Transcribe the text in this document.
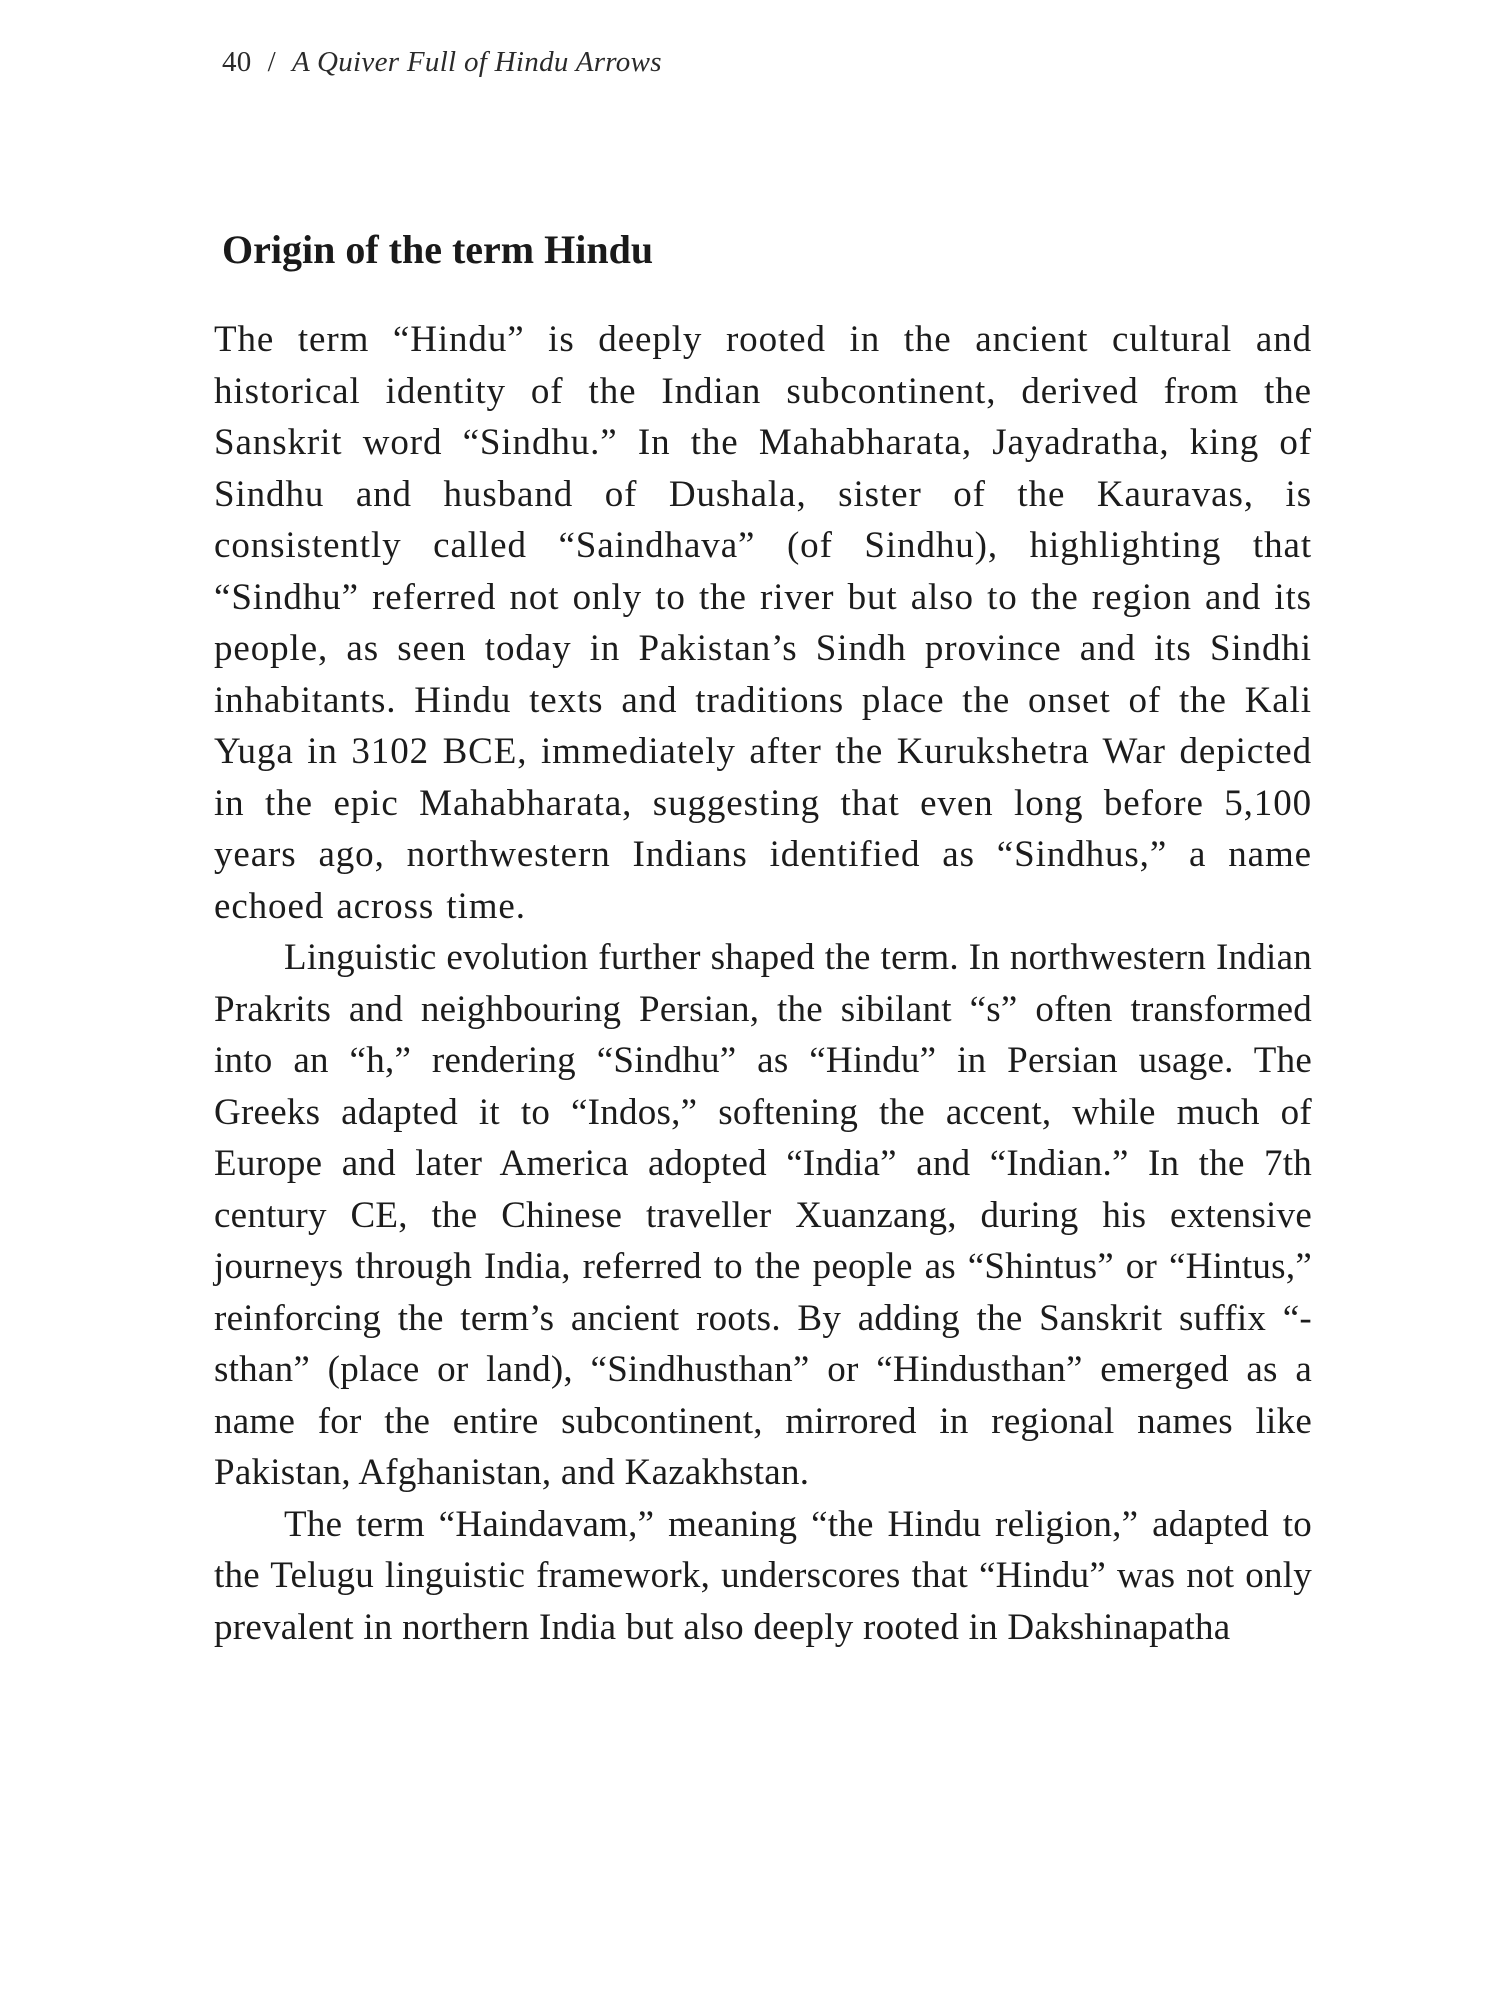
40 / A Quiver Full of Hindu Arrows
Origin of the term Hindu

The term “Hindu” is deeply rooted in the ancient cultural and historical identity of the Indian subcontinent, derived from the Sanskrit word “Sindhu.” In the Mahabharata, Jayadratha, king of Sindhu and husband of Dushala, sister of the Kauravas, is consistently called “Saindhava” (of Sindhu), highlighting that “Sindhu” referred not only to the river but also to the region and its people, as seen today in Pakistan’s Sindh province and its Sindhi inhabitants. Hindu texts and traditions place the onset of the Kali Yuga in 3102 BCE, immediately after the Kurukshetra War depicted in the epic Mahabharata, suggesting that even long before 5,100 years ago, northwestern Indians identified as “Sindhus,” a name echoed across time.

Linguistic evolution further shaped the term. In northwestern Indian Prakrits and neighbouring Persian, the sibilant “s” often transformed into an “h,” rendering “Sindhu” as “Hindu” in Persian usage. The Greeks adapted it to “Indos,” softening the accent, while much of Europe and later America adopted “India” and “Indian.” In the 7th century CE, the Chinese traveller Xuanzang, during his extensive journeys through India, referred to the people as “Shintus” or “Hintus,” reinforcing the term’s ancient roots. By adding the Sanskrit suffix “-sthan” (place or land), “Sindhusthan” or “Hindusthan” emerged as a name for the entire subcontinent, mirrored in regional names like Pakistan, Afghanistan, and Kazakhstan.

The term “Haindavam,” meaning “the Hindu religion,” adapted to the Telugu linguistic framework, underscores that “Hindu” was not only prevalent in northern India but also deeply rooted in Dakshinapatha
